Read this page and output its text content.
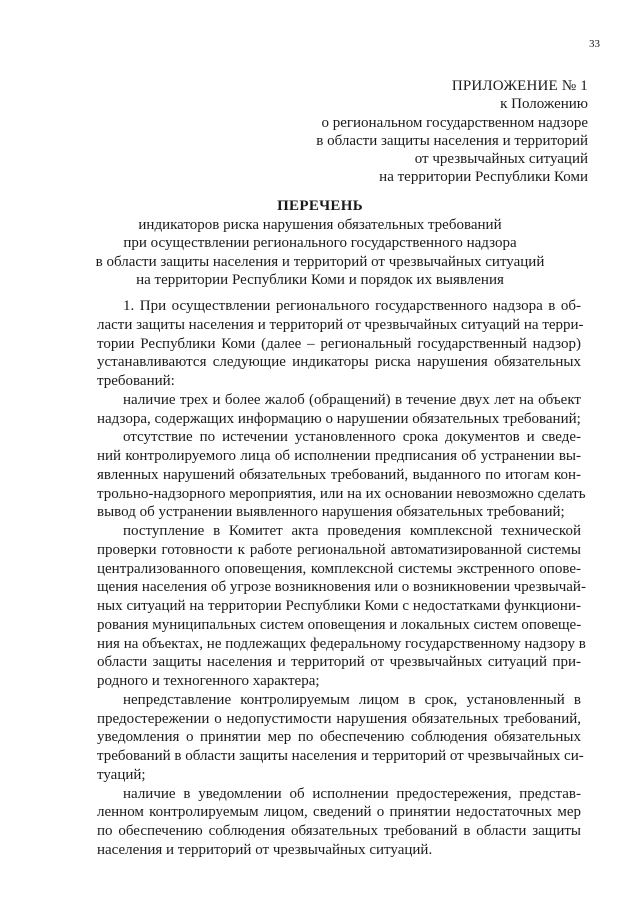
33
ПРИЛОЖЕНИЕ № 1
к Положению
о региональном государственном надзоре
в области защиты населения и территорий
от чрезвычайных ситуаций
на территории Республики Коми
ПЕРЕЧЕНЬ
индикаторов риска нарушения обязательных требований
при осуществлении регионального государственного надзора
в области защиты населения и территорий от чрезвычайных ситуаций
на территории Республики Коми и порядок их выявления
1. При осуществлении регионального государственного надзора в об-
ласти защиты населения и территорий от чрезвычайных ситуаций на терри-
тории Республики Коми (далее – региональный государственный надзор)
устанавливаются следующие индикаторы риска нарушения обязательных
требований:
наличие трех и более жалоб (обращений) в течение двух лет на объект
надзора, содержащих информацию о нарушении обязательных требований;
отсутствие по истечении установленного срока документов и сведе-
ний контролируемого лица об исполнении предписания об устранении вы-
явленных нарушений обязательных требований, выданного по итогам кон-
трольно-надзорного мероприятия, или на их основании невозможно сделать
вывод об устранении выявленного нарушения обязательных требований;
поступление в Комитет акта проведения комплексной технической
проверки готовности к работе региональной автоматизированной системы
централизованного оповещения, комплексной системы экстренного опове-
щения населения об угрозе возникновения или о возникновении чрезвычай-
ных ситуаций на территории Республики Коми с недостатками функциони-
рования муниципальных систем оповещения и локальных систем оповеще-
ния на объектах, не подлежащих федеральному государственному надзору в
области защиты населения и территорий от чрезвычайных ситуаций при-
родного и техногенного характера;
непредставление контролируемым лицом в срок, установленный в
предостережении о недопустимости нарушения обязательных требований,
уведомления о принятии мер по обеспечению соблюдения обязательных
требований в области защиты населения и территорий от чрезвычайных си-
туаций;
наличие в уведомлении об исполнении предостережения, представ-
ленном контролируемым лицом, сведений о принятии недостаточных мер
по обеспечению соблюдения обязательных требований в области защиты
населения и территорий от чрезвычайных ситуаций.
